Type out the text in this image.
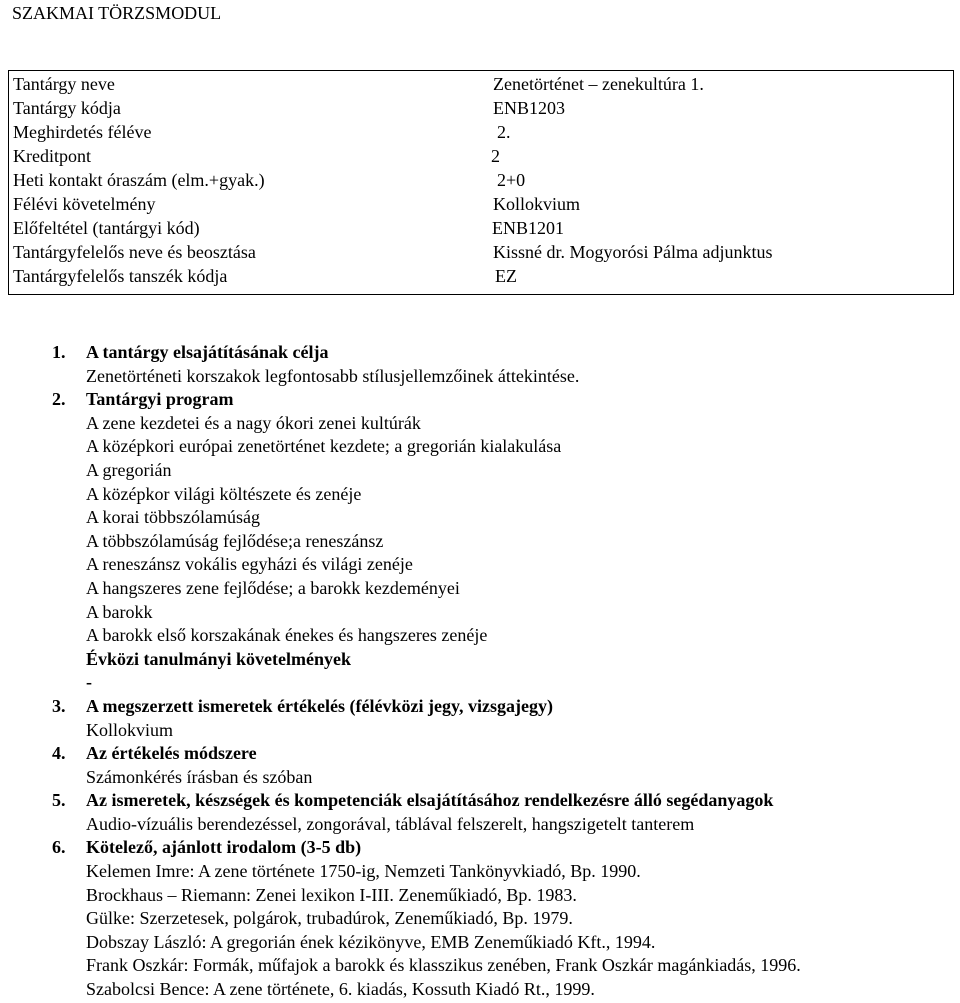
SZAKMAI TÖRZSMODUL
Tantárgy neve	Zenetörténet – zenekultúra 1.
Tantárgy kódja	ENB1203
Meghirdetés féléve	2.
Kreditpont	2
Heti kontakt óraszám (elm.+gyak.)	2+0
Félévi követelmény	Kollokvium
Előfeltétel (tantárgyi kód)	ENB1201
Tantárgyfelelős neve és beosztása	Kissné dr. Mogyorósi Pálma adjunktus
Tantárgyfelelős tanszék kódja	EZ
1. A tantárgy elsajátításának célja
Zenetörténeti korszakok legfontosabb stílusjellemzőinek áttekintése.
2. Tantárgyi program
A zene kezdetei és a nagy ókori zenei kultúrák
A középkori európai zenetörténet kezdete; a gregorián kialakulása
A gregorián
A középkor világi költészete és zenéje
A korai többszólamúság
A többszólamúság fejlődése;a reneszánsz
A reneszánsz vokális egyházi és világi zenéje
A hangszeres zene fejlődése; a barokk kezdeményei
A barokk
A barokk első korszakának énekes és hangszeres zenéje
Évközi tanulmányi követelmények
-
3. A megszerzett ismeretek értékelés (félévközi jegy, vizsgajegy)
Kollokvium
4. Az értékelés módszere
Számonkérés írásban és szóban
5. Az ismeretek, készségek és kompetenciák elsajátításához rendelkezésre álló segédanyagok
Audio-vízuális berendezéssel, zongorával, táblával felszerelt, hangszigetelt tanterem
6. Kötelező, ajánlott irodalom (3-5 db)
Kelemen Imre: A zene története 1750-ig, Nemzeti Tankönyvkiadó, Bp. 1990.
Brockhaus – Riemann: Zenei lexikon I-III. Zeneműkiadó, Bp. 1983.
Gülke: Szerzetesek, polgárok, trubadúrok, Zeneműkiadó, Bp. 1979.
Dobszay László: A gregorián ének kézikönyve, EMB Zeneműkiadó Kft., 1994.
Frank Oszkár: Formák, műfajok a barokk és klasszikus zenében, Frank Oszkár magánkiadás, 1996.
Szabolcsi Bence: A zene története, 6. kiadás, Kossuth Kiadó Rt., 1999.
